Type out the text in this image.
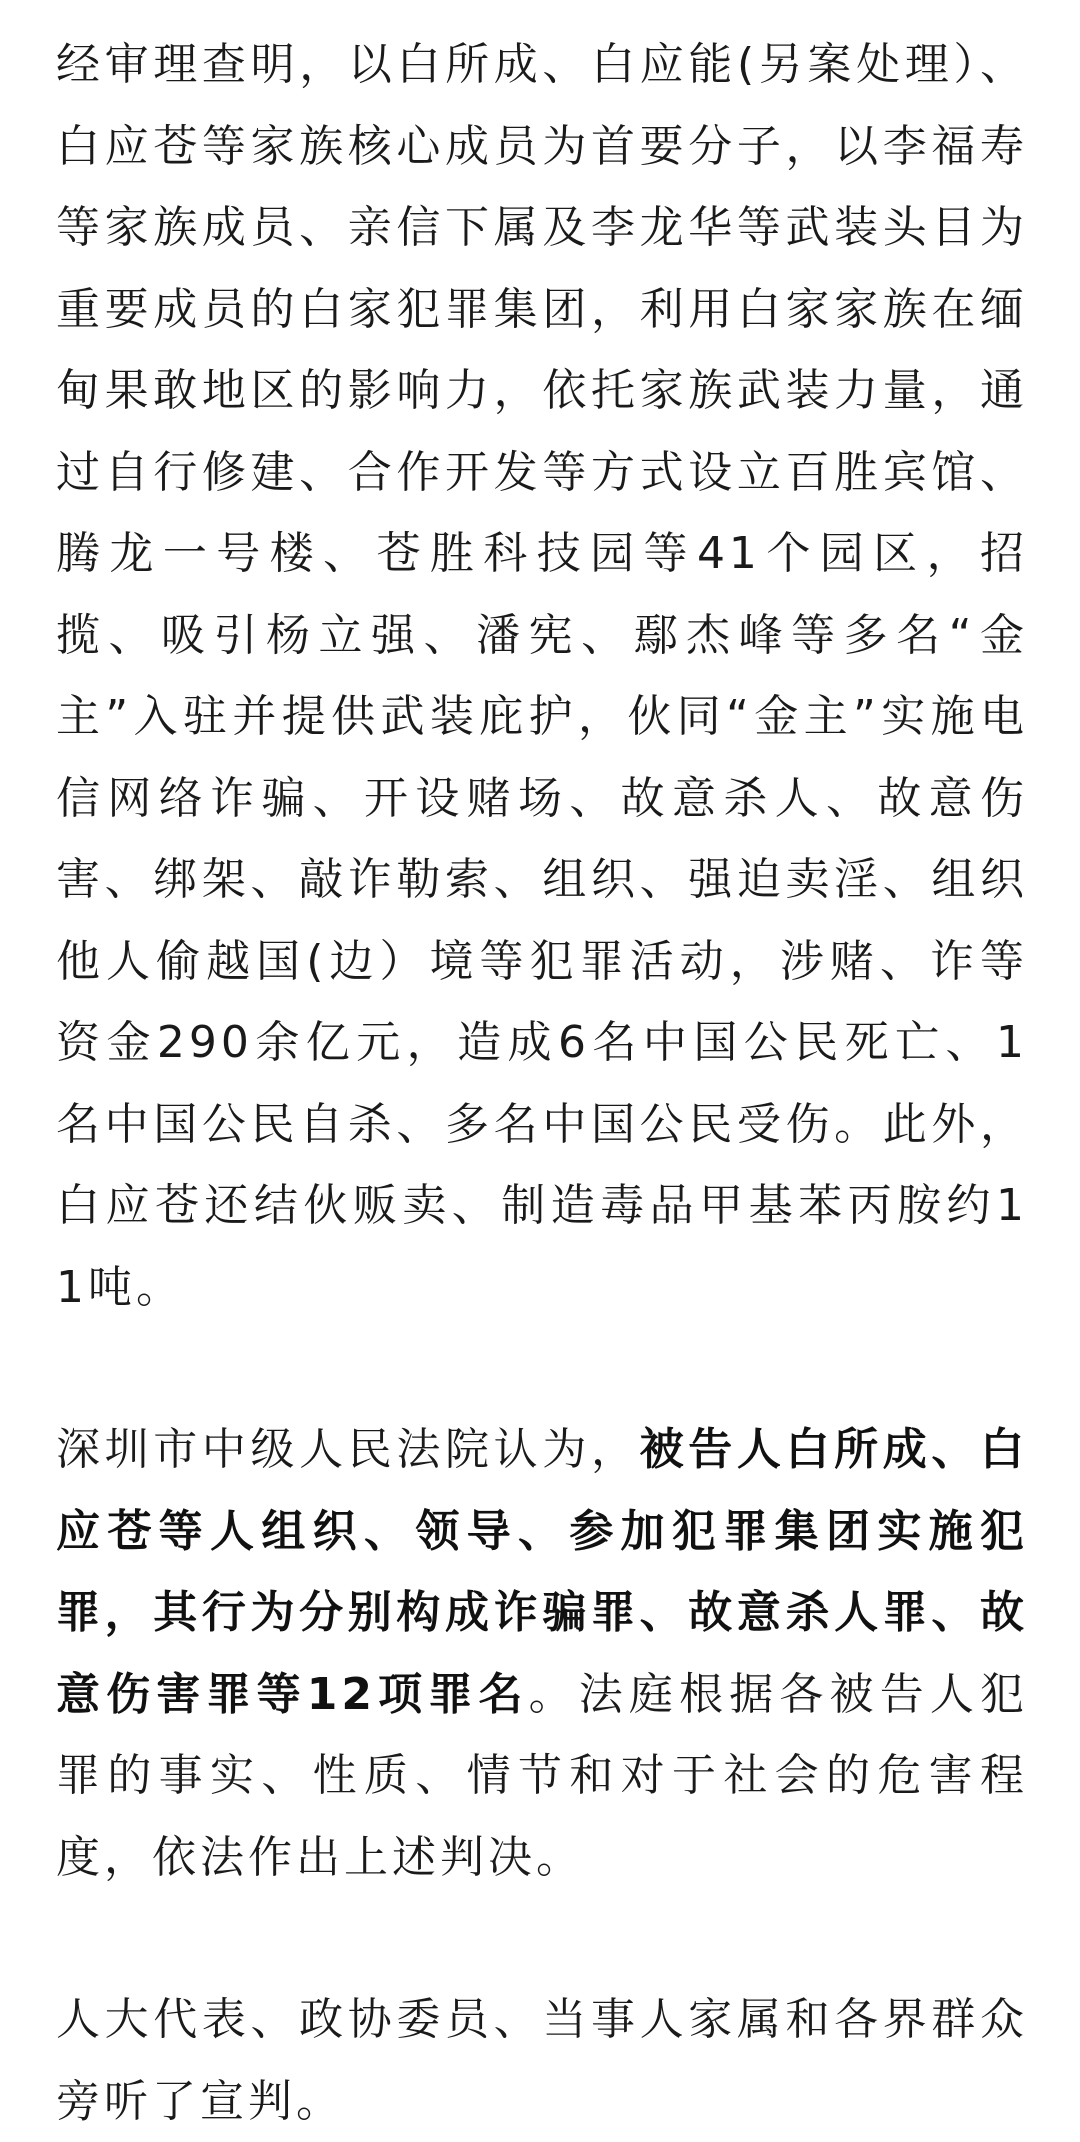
经审理查明，以白所成、白应能(另案处理）、白应苍等家族核心成员为首要分子，以李福寿等家族成员、亲信下属及李龙华等武装头目为重要成员的白家犯罪集团，利用白家家族在缅甸果敢地区的影响力，依托家族武装力量，通过自行修建、合作开发等方式设立百胜宾馆、腾龙一号楼、苍胜科技园等41个园区，招揽、吸引杨立强、潘宪、鄢杰峰等多名“金主”入驻并提供武装庇护，伙同“金主”实施电信网络诈骗、开设赌场、故意杀人、故意伤害、绑架、敲诈勒索、组织、强迫卖淫、组织他人偷越国(边）境等犯罪活动，涉赌、诈等资金290余亿元，造成6名中国公民死亡、1名中国公民自杀、多名中国公民受伤。此外，白应苍还结伙贩卖、制造毒品甲基苯丙胺约11吨。

深圳市中级人民法院认为，被告人白所成、白应苍等人组织、领导、参加犯罪集团实施犯罪，其行为分别构成诈骗罪、故意杀人罪、故意伤害罪等12项罪名。法庭根据各被告人犯罪的事实、性质、情节和对于社会的危害程度，依法作出上述判决。

人大代表、政协委员、当事人家属和各界群众旁听了宣判。
